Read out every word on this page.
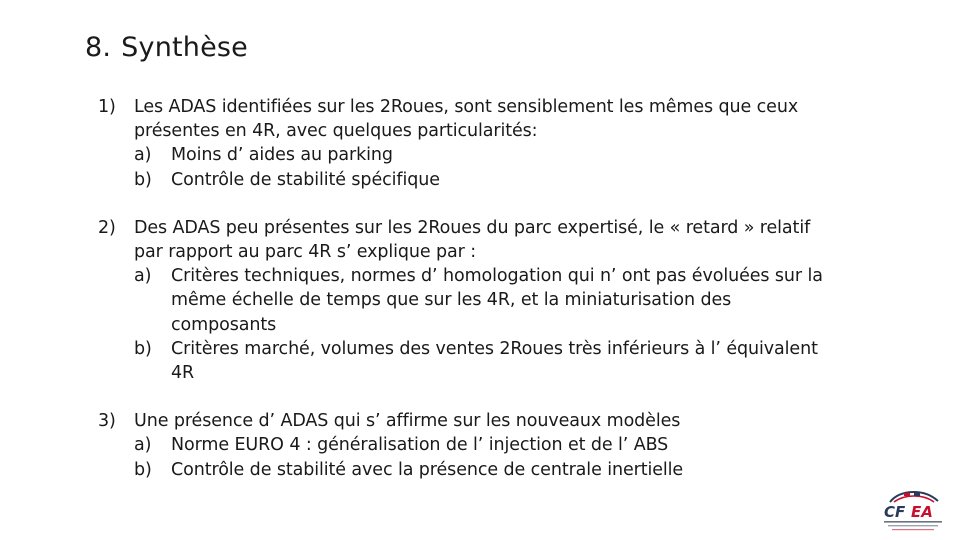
8. Synthèse
1)	Les ADAS identifiées sur les 2Roues, sont sensiblement les mêmes que ceux présentes en 4R, avec quelques particularités:
a)	Moins d’ aides au parking
b)	Contrôle de stabilité spécifique
2)	Des ADAS peu présentes sur les 2Roues du parc expertisé, le « retard » relatif par rapport au parc 4R s’ explique par :
a)	Critères techniques, normes d’ homologation qui n’ ont pas évoluées sur la même échelle de temps que sur les 4R, et la miniaturisation des composants
b)	Critères marché, volumes des ventes 2Roues très inférieurs à l’ équivalent 4R
3)	Une présence d’ ADAS qui s’ affirme sur les nouveaux modèles
a)	Norme EURO 4 : généralisation de l’ injection et de l’ ABS
b)	Contrôle de stabilité avec la présence de centrale inertielle
CF EA
